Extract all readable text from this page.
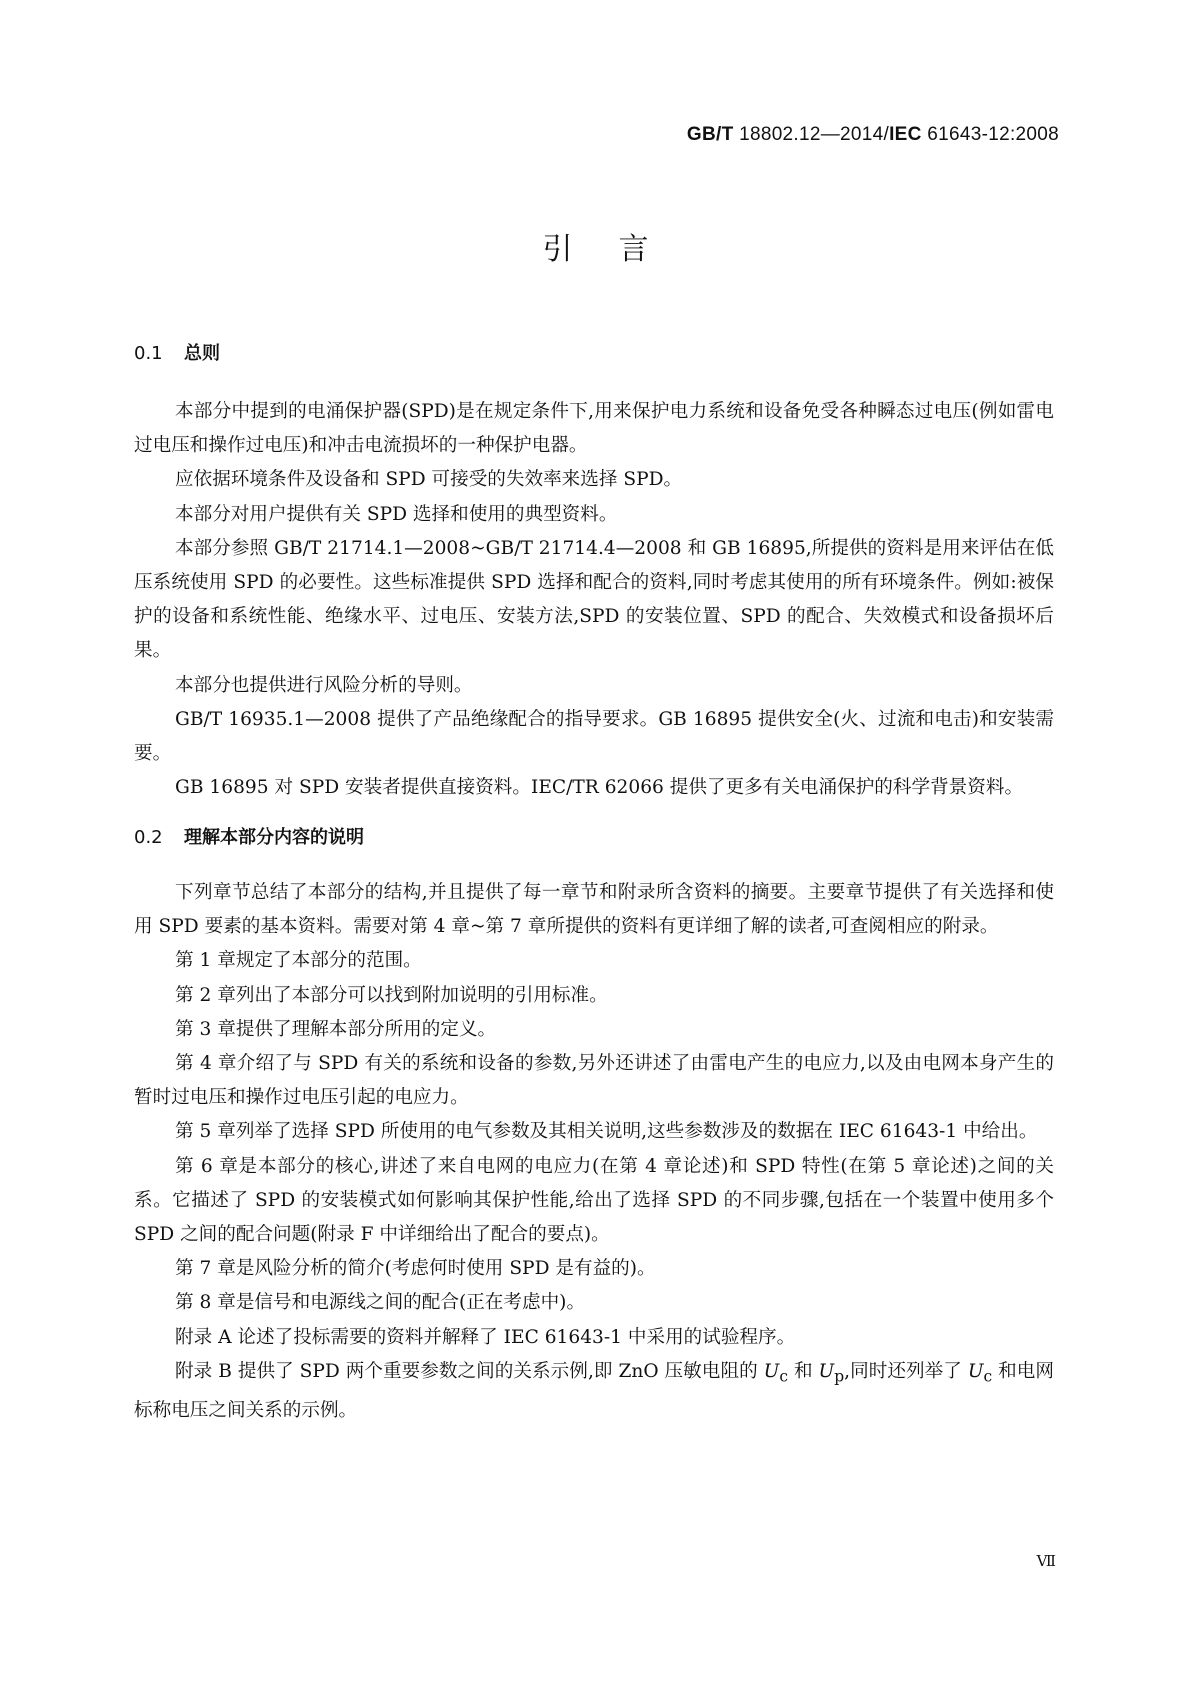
GB/T 18802.12—2014/IEC 61643-12:2008
引言
0.1 总则

本部分中提到的电涌保护器(SPD)是在规定条件下,用来保护电力系统和设备免受各种瞬态过电压(例如雷电过电压和操作过电压)和冲击电流损坏的一种保护电器。

应依据环境条件及设备和 SPD 可接受的失效率来选择 SPD。

本部分对用户提供有关 SPD 选择和使用的典型资料。

本部分参照 GB/T 21714.1—2008~GB/T 21714.4—2008 和 GB 16895,所提供的资料是用来评估在低压系统使用 SPD 的必要性。这些标准提供 SPD 选择和配合的资料,同时考虑其使用的所有环境条件。例如:被保护的设备和系统性能、绝缘水平、过电压、安装方法,SPD 的安装位置、SPD 的配合、失效模式和设备损坏后果。

本部分也提供进行风险分析的导则。

GB/T 16935.1—2008 提供了产品绝缘配合的指导要求。GB 16895 提供安全(火、过流和电击)和安装需要。

GB 16895 对 SPD 安装者提供直接资料。IEC/TR 62066 提供了更多有关电涌保护的科学背景资料。

0.2 理解本部分内容的说明

下列章节总结了本部分的结构,并且提供了每一章节和附录所含资料的摘要。主要章节提供了有关选择和使用 SPD 要素的基本资料。需要对第 4 章~第 7 章所提供的资料有更详细了解的读者,可查阅相应的附录。

第 1 章规定了本部分的范围。

第 2 章列出了本部分可以找到附加说明的引用标准。

第 3 章提供了理解本部分所用的定义。

第 4 章介绍了与 SPD 有关的系统和设备的参数,另外还讲述了由雷电产生的电应力,以及由电网本身产生的暂时过电压和操作过电压引起的电应力。

第 5 章列举了选择 SPD 所使用的电气参数及其相关说明,这些参数涉及的数据在 IEC 61643-1 中给出。

第 6 章是本部分的核心,讲述了来自电网的电应力(在第 4 章论述)和 SPD 特性(在第 5 章论述)之间的关系。它描述了 SPD 的安装模式如何影响其保护性能,给出了选择 SPD 的不同步骤,包括在一个装置中使用多个 SPD 之间的配合问题(附录 F 中详细给出了配合的要点)。

第 7 章是风险分析的简介(考虑何时使用 SPD 是有益的)。

第 8 章是信号和电源线之间的配合(正在考虑中)。

附录 A 论述了投标需要的资料并解释了 IEC 61643-1 中采用的试验程序。

附录 B 提供了 SPD 两个重要参数之间的关系示例,即 ZnO 压敏电阻的 $U_c$ 和 $U_p$,同时还列举了 $U_c$ 和电网标称电压之间关系的示例。

Ⅶ
